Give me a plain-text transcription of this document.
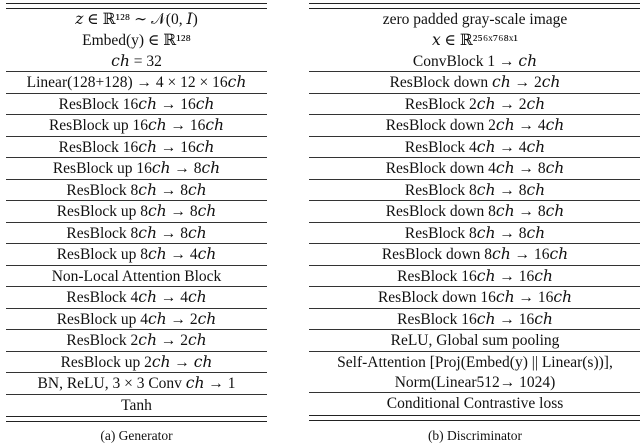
𝑧 ∈ ℝ¹²⁸ ∼ 𝒩(0, 𝐼)
Embed(y) ∈ ℝ¹²⁸
𝑐ℎ = 32
Linear(128+128) → 4 × 12 × 16𝑐ℎ
ResBlock 16𝑐ℎ → 16𝑐ℎ
ResBlock up 16𝑐ℎ → 16𝑐ℎ
ResBlock 16𝑐ℎ → 16𝑐ℎ
ResBlock up 16𝑐ℎ → 8𝑐ℎ
ResBlock 8𝑐ℎ → 8𝑐ℎ
ResBlock up 8𝑐ℎ → 8𝑐ℎ
ResBlock 8𝑐ℎ → 8𝑐ℎ
ResBlock up 8𝑐ℎ → 4𝑐ℎ
Non-Local Attention Block
ResBlock 4𝑐ℎ → 4𝑐ℎ
ResBlock up 4𝑐ℎ → 2𝑐ℎ
ResBlock 2𝑐ℎ → 2𝑐ℎ
ResBlock up 2𝑐ℎ → 𝑐ℎ
BN, ReLU, 3 × 3 Conv 𝑐ℎ → 1
Tanh
zero padded gray-scale image
𝑥 ∈ ℝ²⁵⁶ˣ⁷⁶⁸ˣ¹
ConvBlock 1 → 𝑐ℎ
ResBlock down 𝑐ℎ → 2𝑐ℎ
ResBlock 2𝑐ℎ → 2𝑐ℎ
ResBlock down 2𝑐ℎ → 4𝑐ℎ
ResBlock 4𝑐ℎ → 4𝑐ℎ
ResBlock down 4𝑐ℎ → 8𝑐ℎ
ResBlock 8𝑐ℎ → 8𝑐ℎ
ResBlock down 8𝑐ℎ → 8𝑐ℎ
ResBlock 8𝑐ℎ → 8𝑐ℎ
ResBlock down 8𝑐ℎ → 16𝑐ℎ
ResBlock 16𝑐ℎ → 16𝑐ℎ
ResBlock down 16𝑐ℎ → 16𝑐ℎ
ResBlock 16𝑐ℎ → 16𝑐ℎ
ReLU, Global sum pooling
Self-Attention [Proj(Embed(y) || Linear(s))],
Norm(Linear512→ 1024)
Conditional Contrastive loss
(a) Generator	(b) Discriminator
